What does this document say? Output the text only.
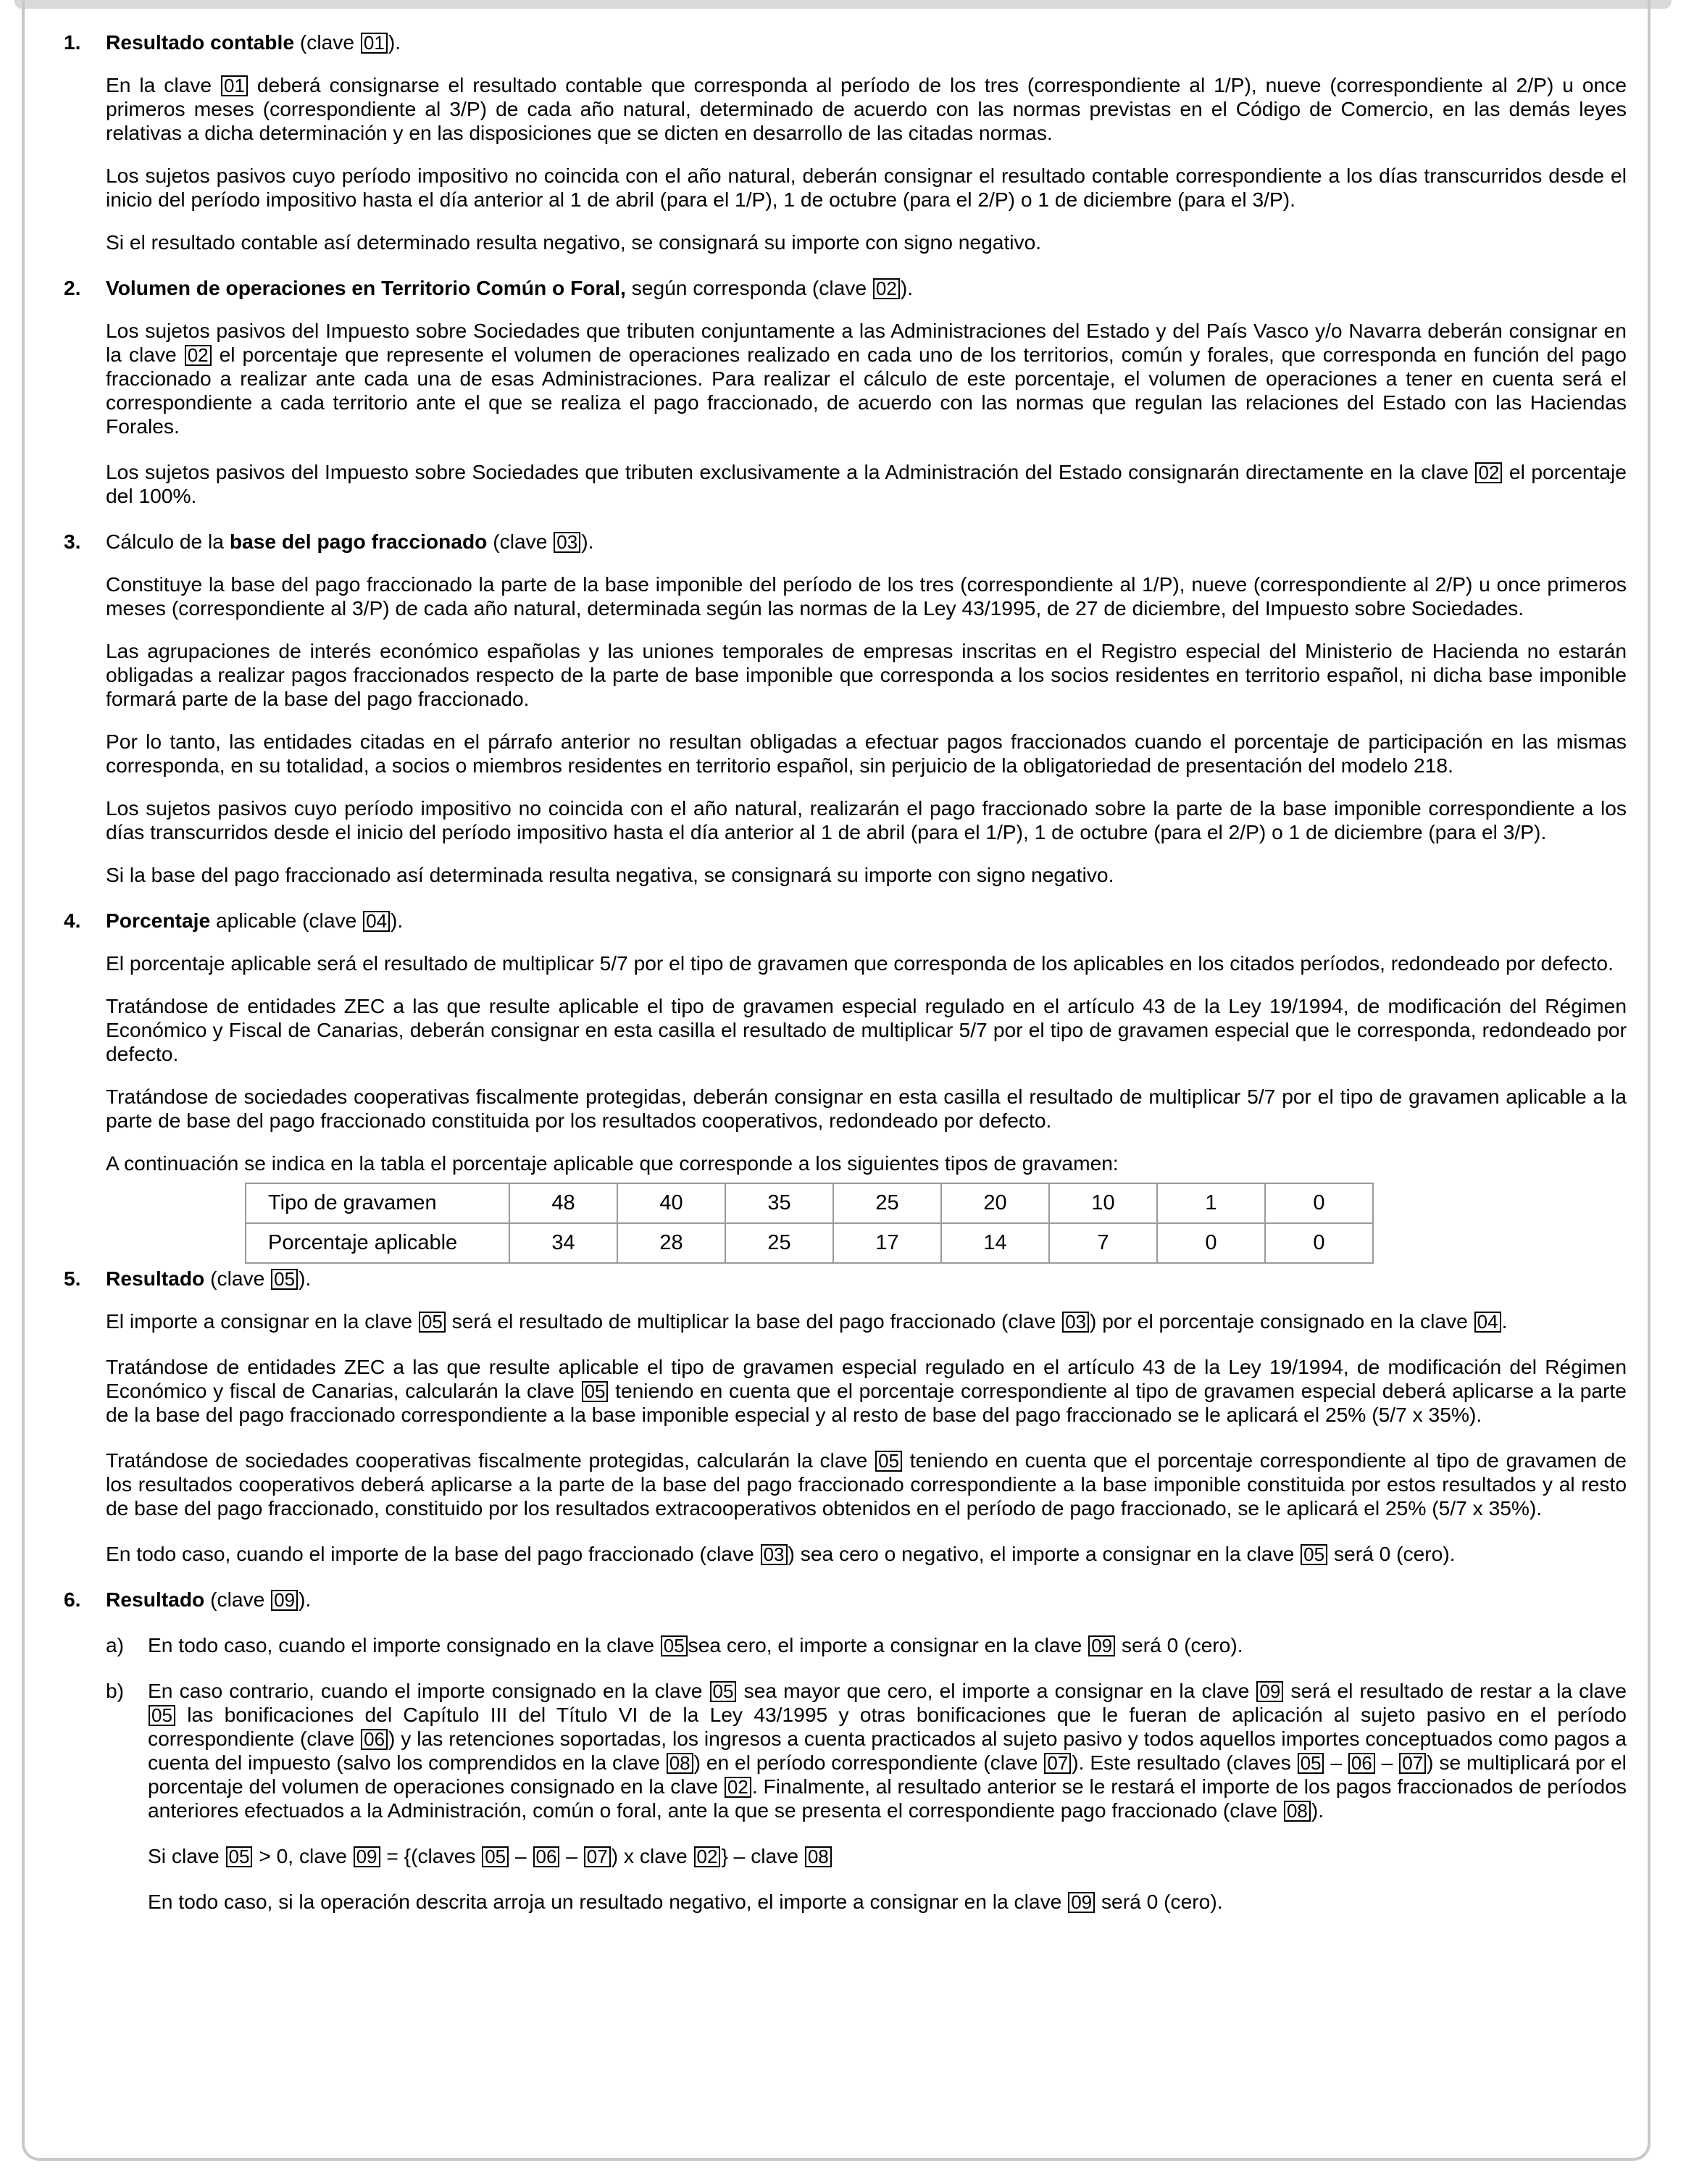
1.	Resultado contable (clave 01 ).

En la clave 01 deberá consignarse el resultado contable que corresponda al período de los tres (correspondiente al 1/P), nueve (correspondiente al 2/P) u once primeros meses (correspondiente al 3/P) de cada año natural, determinado de acuerdo con las normas previstas en el Código de Comercio, en las demás leyes relativas a dicha determinación y en las disposiciones que se dicten en desarrollo de las citadas normas.

Los sujetos pasivos cuyo período impositivo no coincida con el año natural, deberán consignar el resultado contable correspondiente a los días transcurridos desde el inicio del período impositivo hasta el día anterior al 1 de abril (para el 1/P), 1 de octubre (para el 2/P) o 1 de diciembre (para el 3/P).

Si el resultado contable así determinado resulta negativo, se consignará su importe con signo negativo.

2.	Volumen de operaciones en Territorio Común o Foral, según corresponda (clave 02 ).

Los sujetos pasivos del Impuesto sobre Sociedades que tributen conjuntamente a las Administraciones del Estado y del País Vasco y/o Navarra deberán consignar en la clave 02 el porcentaje que represente el volumen de operaciones realizado en cada uno de los territorios, común y forales, que corresponda en función del pago fraccionado a realizar ante cada una de esas Administraciones. Para realizar el cálculo de este porcentaje, el volumen de operaciones a tener en cuenta será el correspondiente a cada territorio ante el que se realiza el pago fraccionado, de acuerdo con las normas que regulan las relaciones del Estado con las Haciendas Forales.

Los sujetos pasivos del Impuesto sobre Sociedades que tributen exclusivamente a la Administración del Estado consignarán directamente en la clave 02 el porcentaje del 100%.

3.	Cálculo de la base del pago fraccionado (clave 03 ).

Constituye la base del pago fraccionado la parte de la base imponible del período de los tres (correspondiente al 1/P), nueve (correspondiente al 2/P) u once primeros meses (correspondiente al 3/P) de cada año natural, determinada según las normas de la Ley 43/1995, de 27 de diciembre, del Impuesto sobre Sociedades.

Las agrupaciones de interés económico españolas y las uniones temporales de empresas inscritas en el Registro especial del Ministerio de Hacienda no estarán obligadas a realizar pagos fraccionados respecto de la parte de base imponible que corresponda a los socios residentes en territorio español, ni dicha base imponible formará parte de la base del pago fraccionado.

Por lo tanto, las entidades citadas en el párrafo anterior no resultan obligadas a efectuar pagos fraccionados cuando el porcentaje de participación en las mismas corresponda, en su totalidad, a socios o miembros residentes en territorio español, sin perjuicio de la obligatoriedad de presentación del modelo 218.

Los sujetos pasivos cuyo período impositivo no coincida con el año natural, realizarán el pago fraccionado sobre la parte de la base imponible correspondiente a los días transcurridos desde el inicio del período impositivo hasta el día anterior al 1 de abril (para el 1/P), 1 de octubre (para el 2/P) o 1 de diciembre (para el 3/P).

Si la base del pago fraccionado así determinada resulta negativa, se consignará su importe con signo negativo.

4.	Porcentaje aplicable (clave 04 ).

El porcentaje aplicable será el resultado de multiplicar 5/7 por el tipo de gravamen que corresponda de los aplicables en los citados períodos, redondeado por defecto.

Tratándose de entidades ZEC a las que resulte aplicable el tipo de gravamen especial regulado en el artículo 43 de la Ley 19/1994, de modificación del Régimen Económico y Fiscal de Canarias, deberán consignar en esta casilla el resultado de multiplicar 5/7 por el tipo de gravamen especial que le corresponda, redondeado por defecto.

Tratándose de sociedades cooperativas fiscalmente protegidas, deberán consignar en esta casilla el resultado de multiplicar 5/7 por el tipo de gravamen aplicable a la parte de base del pago fraccionado constituida por los resultados cooperativos, redondeado por defecto.

A continuación se indica en la tabla el porcentaje aplicable que corresponde a los siguientes tipos de gravamen:

Tipo de gravamen	48	40	35	25	20	10	1	0
Porcentaje aplicable	34	28	25	17	14	7	0	0
5.	Resultado (clave 05 ).

El importe a consignar en la clave 05 será el resultado de multiplicar la base del pago fraccionado (clave 03 ) por el porcentaje consignado en la clave 04 .

Tratándose de entidades ZEC a las que resulte aplicable el tipo de gravamen especial regulado en el artículo 43 de la Ley 19/1994, de modificación del Régimen Económico y fiscal de Canarias, calcularán la clave 05 teniendo en cuenta que el porcentaje correspondiente al tipo de gravamen especial deberá aplicarse a la parte de la base del pago fraccionado correspondiente a la base imponible especial y al resto de base del pago fraccionado se le aplicará el 25% (5/7 x 35%).

Tratándose de sociedades cooperativas fiscalmente protegidas, calcularán la clave 05 teniendo en cuenta que el porcentaje correspondiente al tipo de gravamen de los resultados cooperativos deberá aplicarse a la parte de la base del pago fraccionado correspondiente a la base imponible constituida por estos resultados y al resto de base del pago fraccionado, constituido por los resultados extracooperativos obtenidos en el período de pago fraccionado, se le aplicará el 25% (5/7 x 35%).

En todo caso, cuando el importe de la base del pago fraccionado (clave 03 ) sea cero o negativo, el importe a consignar en la clave 05 será 0 (cero).

6.	Resultado (clave 09 ).
a)	En todo caso, cuando el importe consignado en la clave 05 sea cero, el importe a consignar en la clave 09 será 0 (cero).

b)	En caso contrario, cuando el importe consignado en la clave 05 sea mayor que cero, el importe a consignar en la clave 09 será el resultado de restar a la clave 05 las bonificaciones del Capítulo III del Título VI de la Ley 43/1995 y otras bonificaciones que le fueran de aplicación al sujeto pasivo en el período correspondiente (clave 06 ) y las retenciones soportadas, los ingresos a cuenta practicados al sujeto pasivo y todos aquellos importes conceptuados como pagos a cuenta del impuesto (salvo los comprendidos en la clave 08 ) en el período correspondiente (clave 07 ). Este resultado (claves 05 – 06 – 07 ) se multiplicará por el porcentaje del volumen de operaciones consignado en la clave 02 . Finalmente, al resultado anterior se le restará el importe de los pagos fraccionados de períodos anteriores efectuados a la Administración, común o foral, ante la que se presenta el correspondiente pago fraccionado (clave 08 ).

Si clave 05 > 0, clave 09 = {(claves 05 – 06 – 07 ) x clave 02 } – clave 08

En todo caso, si la operación descrita arroja un resultado negativo, el importe a consignar en la clave 09 será 0 (cero).
